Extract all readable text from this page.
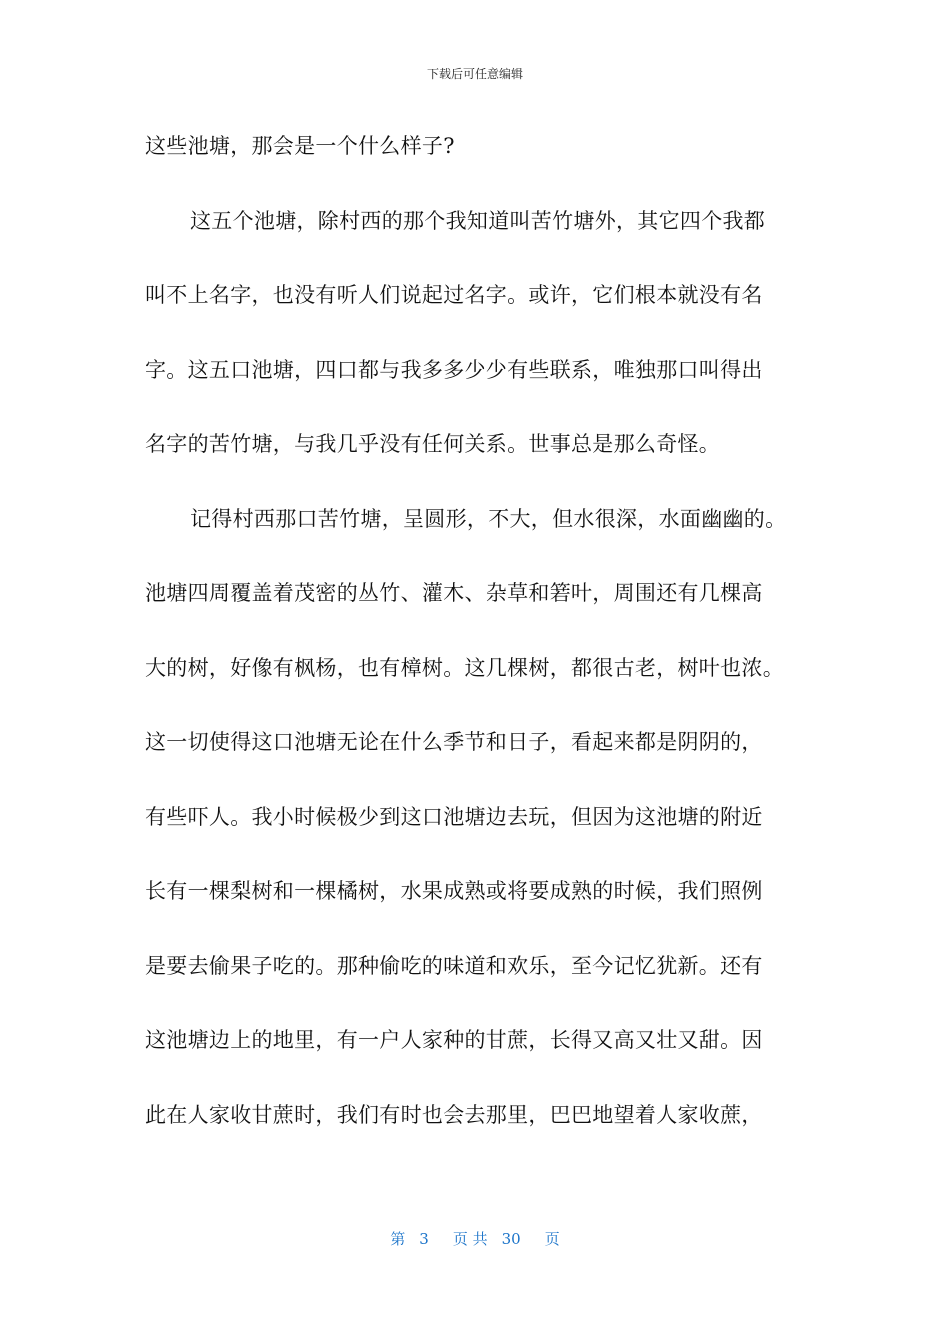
下载后可任意编辑
这些池塘，那会是一个什么样子?
这五个池塘，除村西的那个我知道叫苦竹塘外，其它四个我都
叫不上名字，也没有听人们说起过名字。或许，它们根本就没有名
字。这五口池塘，四口都与我多多少少有些联系，唯独那口叫得出
名字的苦竹塘，与我几乎没有任何关系。世事总是那么奇怪。
记得村西那口苦竹塘，呈圆形，不大，但水很深，水面幽幽的。
池塘四周覆盖着茂密的丛竹、灌木、杂草和箬叶，周围还有几棵高
大的树，好像有枫杨，也有樟树。这几棵树，都很古老，树叶也浓。
这一切使得这口池塘无论在什么季节和日子，看起来都是阴阴的，
有些吓人。我小时候极少到这口池塘边去玩，但因为这池塘的附近
长有一棵梨树和一棵橘树，水果成熟或将要成熟的时候，我们照例
是要去偷果子吃的。那种偷吃的味道和欢乐，至今记忆犹新。还有
这池塘边上的地里，有一户人家种的甘蔗，长得又高又壮又甜。因
此在人家收甘蔗时，我们有时也会去那里，巴巴地望着人家收蔗，
第 3 页 共 30 页
